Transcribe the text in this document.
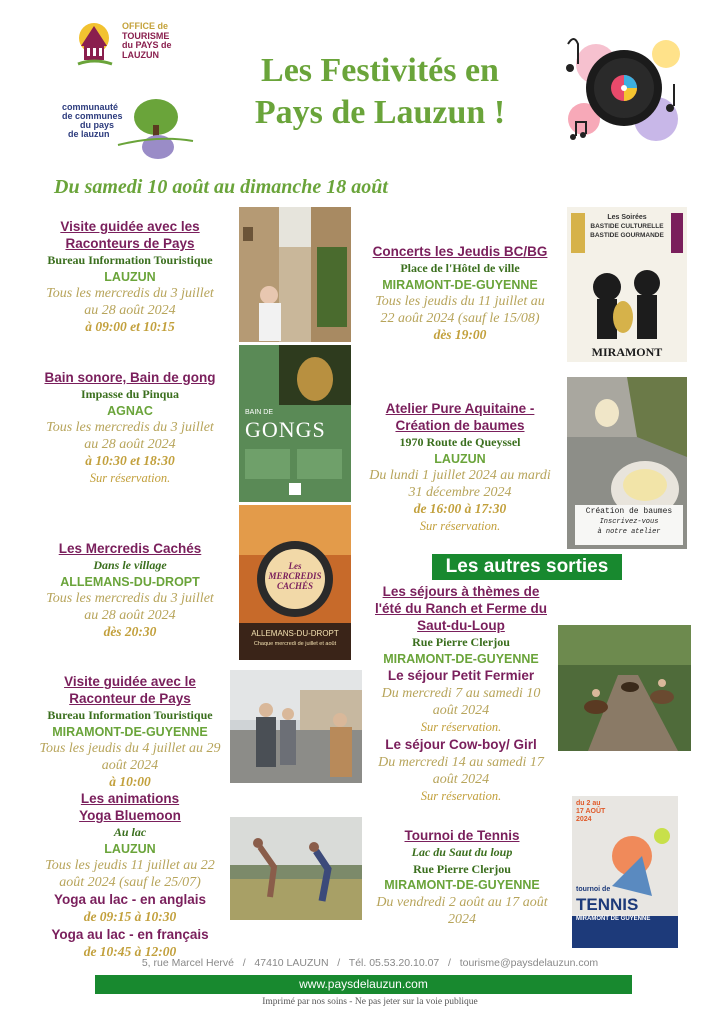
OFFICE de
TOURISME
du PAYS de
LAUZUN
communauté
de communes
du pays
de lauzun
Les Festivités en
Pays de Lauzun !
Du samedi 10 août au dimanche 18 août
Visite guidée avec les
Raconteurs de Pays
Bureau Information Touristique
LAUZUN
Tous les mercredis du 3 juillet
au 28 août 2024
à 09:00 et 10:15
Bain sonore, Bain de gong
Impasse du Pinqua
AGNAC
Tous les mercredis du 3 juillet
au 28 août 2024
à 10:30 et 18:30
Sur réservation.
Les Mercredis Cachés
Dans le village
ALLEMANS-DU-DROPT
Tous les mercredis du 3 juillet
au 28 août 2024
dès 20:30
Visite guidée avec le
Raconteur de Pays
Bureau Information Touristique
MIRAMONT-DE-GUYENNE
Tous les jeudis du 4 juillet au 29
août 2024
à 10:00
Les animations
Yoga Bluemoon
Au lac
LAUZUN
Tous les jeudis 11 juillet au 22
août 2024 (sauf le 25/07)
Yoga au lac - en anglais
de 09:15 à 10:30
Yoga au lac - en français
de 10:45 à 12:00
BAIN DE
GONGS
Les
MERCREDIS
CACHÉS
ALLEMANS-DU-DROPT
Chaque mercredi de juillet et août
Concerts les Jeudis BC/BG
Place de l'Hôtel de ville
MIRAMONT-DE-GUYENNE
Tous les jeudis du 11 juillet au
22 août 2024 (sauf le 15/08)
dès 19:00
Atelier Pure Aquitaine -
Création de baumes
1970 Route de Queyssel
LAUZUN
Du lundi 1 juillet 2024 au mardi
31 décembre 2024
de 16:00 à 17:30
Sur réservation.
Les Soirées
BASTIDE CULTURELLE
BASTIDE GOURMANDE
MIRAMONT
Création de baumes
Inscrivez-vous
à notre atelier
Les autres sorties
Les séjours à thèmes de
l'été du Ranch et Ferme du
Saut-du-Loup
Rue Pierre Clerjou
MIRAMONT-DE-GUYENNE
Le séjour Petit Fermier
Du mercredi 7 au samedi 10
août 2024
Sur réservation.
Le séjour Cow-boy/ Girl
Du mercredi 14 au samedi 17
août 2024
Sur réservation.
Tournoi de Tennis
Lac du Saut du loup
Rue Pierre Clerjou
MIRAMONT-DE-GUYENNE
Du vendredi 2 août au 17 août
2024
du 2 au
17 AOÛT
2024
tournoi de
TENNIS
MIRAMONT DE GUYENNE
5, rue Marcel Hervé   /   47410 LAUZUN   /   Tél. 05.53.20.10.07   /   tourisme@paysdelauzun.com
www.paysdelauzun.com
Imprimé par nos soins - Ne pas jeter sur la voie publique
